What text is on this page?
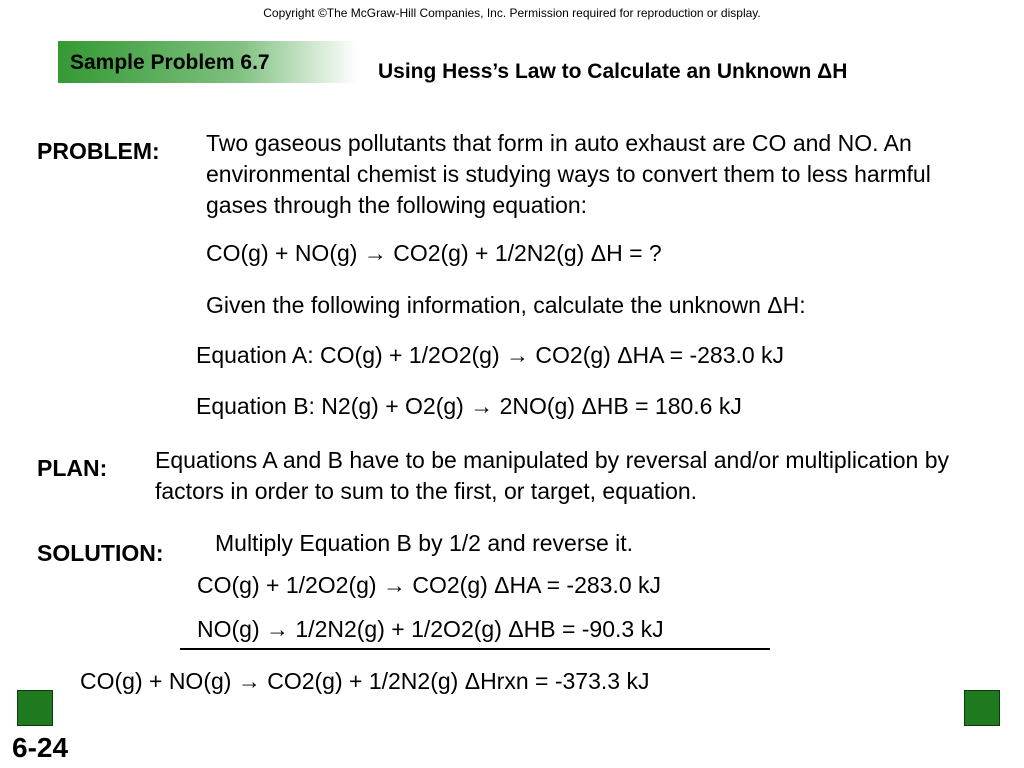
Copyright ©The McGraw-Hill Companies, Inc. Permission required for reproduction or display.
Sample Problem 6.7	Using Hess’s Law to Calculate an Unknown ΔH
PROBLEM: Two gaseous pollutants that form in auto exhaust are CO and NO. An environmental chemist is studying ways to convert them to less harmful gases through the following equation:
CO(g) + NO(g) → CO2(g) + 1/2N2(g) ΔH = ?
Given the following information, calculate the unknown ΔH:
Equation A: CO(g) + 1/2O2(g) → CO2(g) ΔHA = -283.0 kJ
Equation B: N2(g) + O2(g) → 2NO(g) ΔHB = 180.6 kJ
PLAN: Equations A and B have to be manipulated by reversal and/or multiplication by factors in order to sum to the first, or target, equation.
SOLUTION: Multiply Equation B by 1/2 and reverse it.
CO(g) + 1/2O2(g) → CO2(g) ΔHA = -283.0 kJ
NO(g) → 1/2N2(g) + 1/2O2(g) ΔHB = -90.3 kJ
CO(g) + NO(g) → CO2(g) + 1/2N2(g) ΔHrxn = -373.3 kJ
6-24
